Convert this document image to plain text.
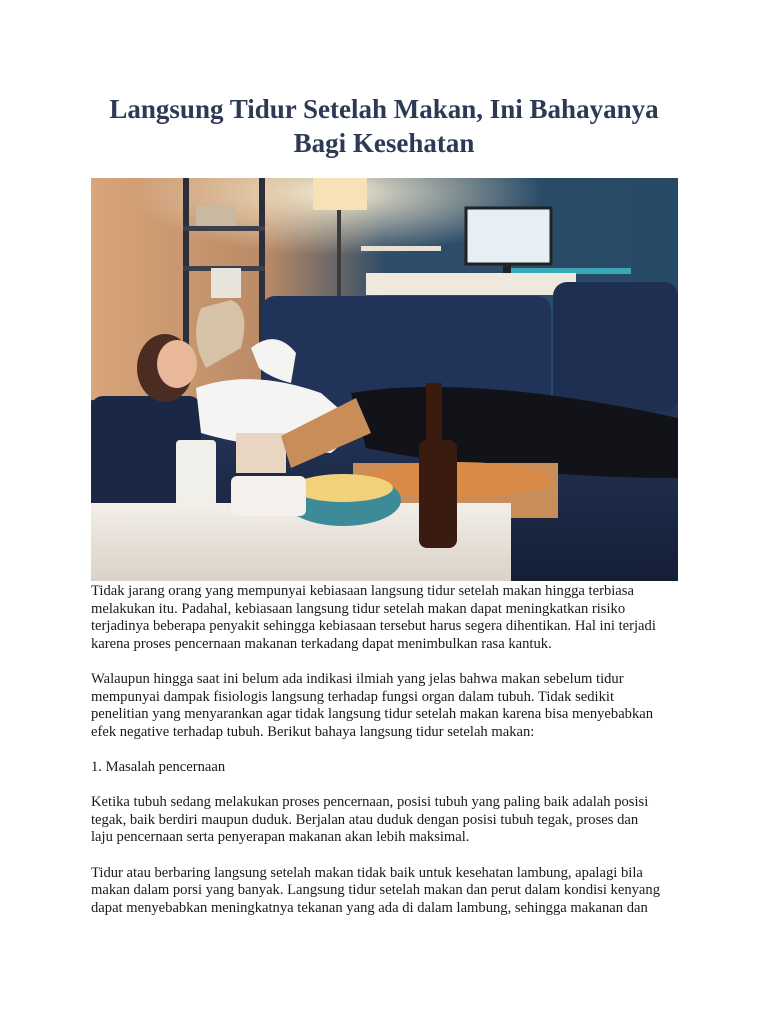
Langsung Tidur Setelah Makan, Ini Bahayanya
Bagi Kesehatan

Tidak jarang orang yang mempunyai kebiasaan langsung tidur setelah makan hingga terbiasa
melakukan itu. Padahal, kebiasaan langsung tidur setelah makan dapat meningkatkan risiko
terjadinya beberapa penyakit sehingga kebiasaan tersebut harus segera dihentikan. Hal ini terjadi
karena proses pencernaan makanan terkadang dapat menimbulkan rasa kantuk.

Walaupun hingga saat ini belum ada indikasi ilmiah yang jelas bahwa makan sebelum tidur
mempunyai dampak fisiologis langsung terhadap fungsi organ dalam tubuh. Tidak sedikit
penelitian yang menyarankan agar tidak langsung tidur setelah makan karena bisa menyebabkan
efek negative terhadap tubuh. Berikut bahaya langsung tidur setelah makan:

1. Masalah pencernaan

Ketika tubuh sedang melakukan proses pencernaan, posisi tubuh yang paling baik adalah posisi
tegak, baik berdiri maupun duduk. Berjalan atau duduk dengan posisi tubuh tegak, proses dan
laju pencernaan serta penyerapan makanan akan lebih maksimal.

Tidur atau berbaring langsung setelah makan tidak baik untuk kesehatan lambung, apalagi bila
makan dalam porsi yang banyak. Langsung tidur setelah makan dan perut dalam kondisi kenyang
dapat menyebabkan meningkatnya tekanan yang ada di dalam lambung, sehingga makanan dan
